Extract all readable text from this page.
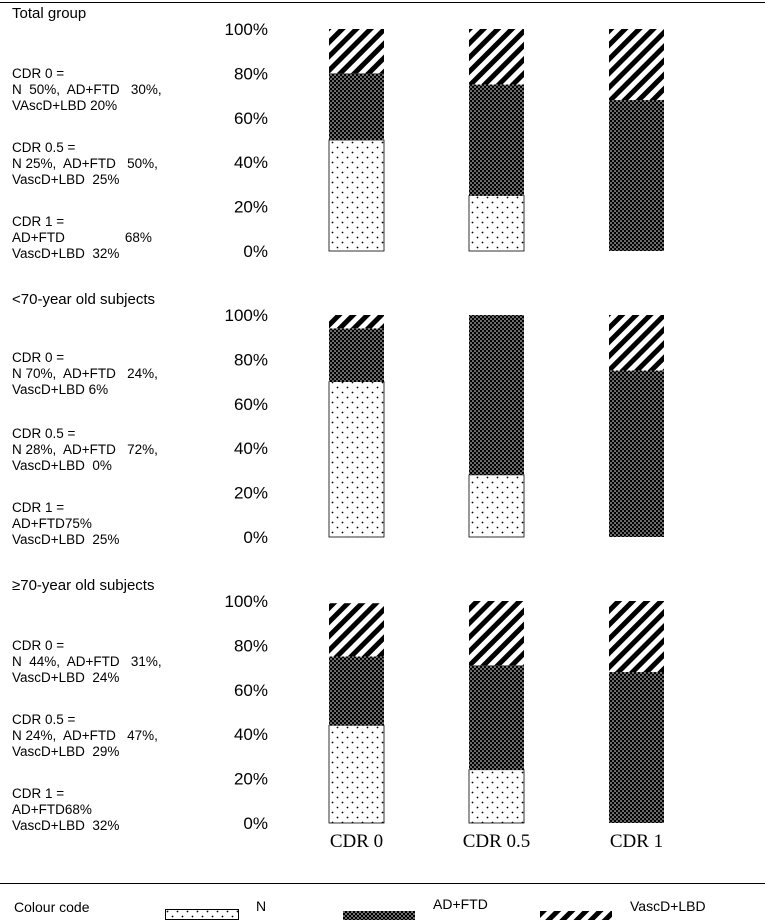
Total group
CDR 0 =
N  50%,  AD+FTD   30%,
VAscD+LBD 20%
CDR 0.5 =
N 25%,  AD+FTD   50%,
VascD+LBD  25%
CDR 1 =
AD+FTD                68%
VascD+LBD  32%
<70-year old subjects
CDR 0 =
N 70%,  AD+FTD   24%,
VascD+LBD 6%
CDR 0.5 =
N 28%,  AD+FTD   72%,
VascD+LBD  0%
CDR 1 =
AD+FTD75%
VascD+LBD  25%
≥70-year old subjects
CDR 0 =
N  44%,  AD+FTD   31%,
VascD+LBD  24%
CDR 0.5 =
N 24%,  AD+FTD   47%,
VascD+LBD  29%
CDR 1 =
AD+FTD68%
VascD+LBD  32%
0%
20%
40%
60%
80%
100%
0%
20%
40%
60%
80%
100%
0%
20%
40%
60%
80%
100%
CDR 0	CDR 0.5	CDR 1
Colour code	N	AD+FTD	VascD+LBD
